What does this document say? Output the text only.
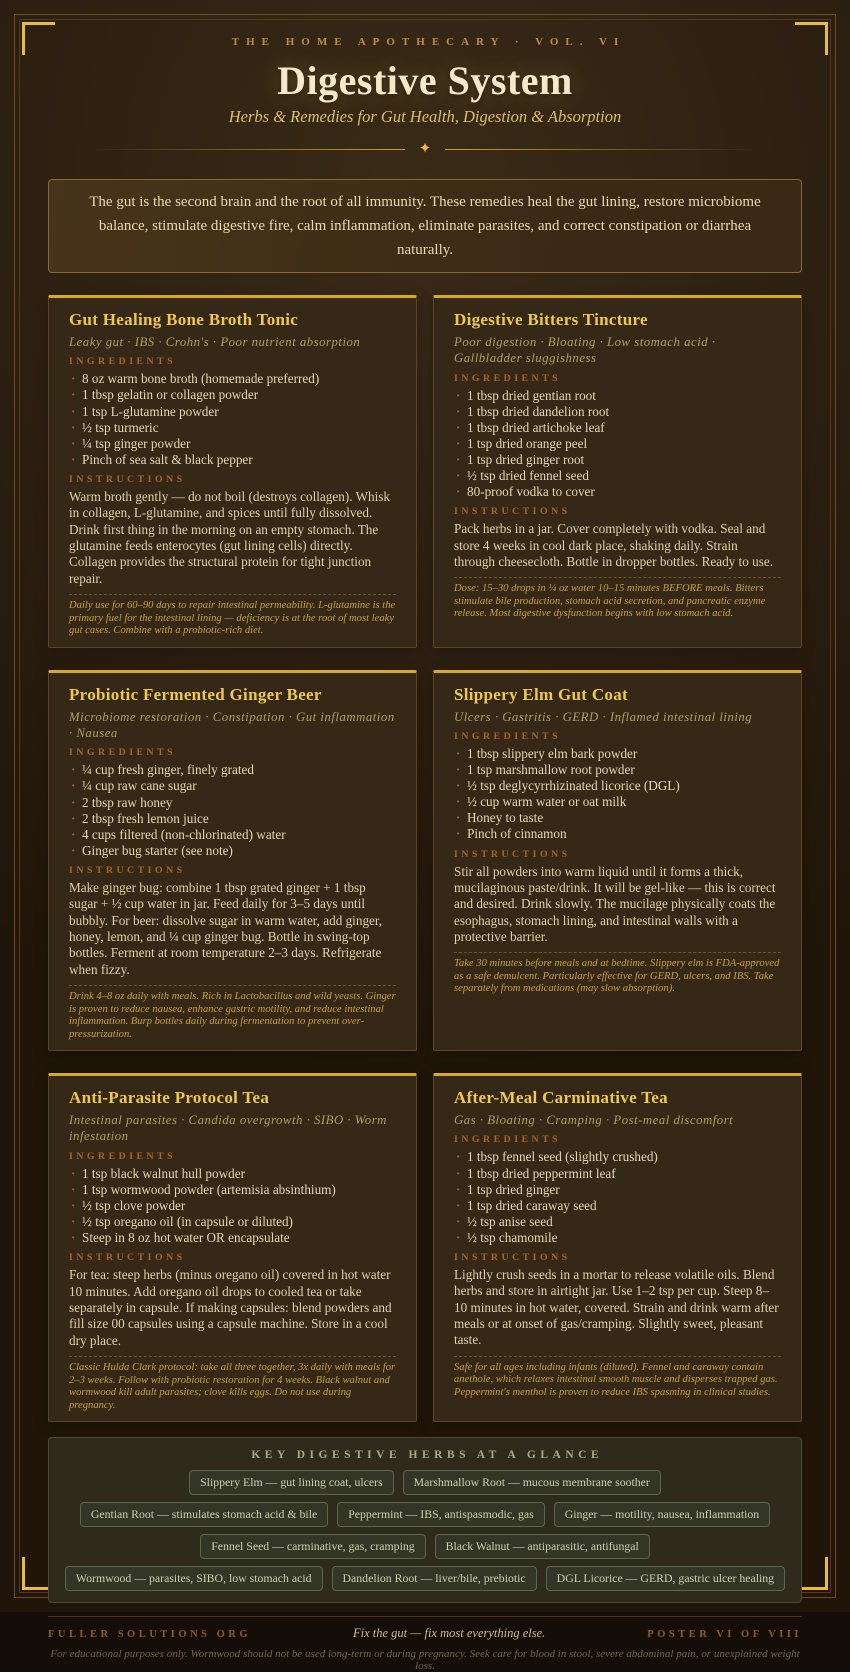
THE HOME APOTHECARY · VOL. VI
Digestive System
Herbs & Remedies for Gut Health, Digestion & Absorption
✦
The gut is the second brain and the root of all immunity. These remedies heal the gut lining, restore microbiome balance, stimulate digestive fire, calm inflammation, eliminate parasites, and correct constipation or diarrhea naturally.
Gut Healing Bone Broth Tonic

Leaky gut · IBS · Crohn's · Poor nutrient absorption

INGREDIENTS
· 8 oz warm bone broth (homemade preferred)
· 1 tbsp gelatin or collagen powder
· 1 tsp L-glutamine powder
· ½ tsp turmeric
· ¼ tsp ginger powder
· Pinch of sea salt & black pepper
INSTRUCTIONS

Warm broth gently — do not boil (destroys collagen). Whisk in collagen, L-glutamine, and spices until fully dissolved. Drink first thing in the morning on an empty stomach. The glutamine feeds enterocytes (gut lining cells) directly. Collagen provides the structural protein for tight junction repair.

Daily use for 60–90 days to repair intestinal permeability. L-glutamine is the primary fuel for the intestinal lining — deficiency is at the root of most leaky gut cases. Combine with a probiotic-rich diet.

Digestive Bitters Tincture

Poor digestion · Bloating · Low stomach acid · Gallbladder sluggishness

INGREDIENTS
· 1 tbsp dried gentian root
· 1 tbsp dried dandelion root
· 1 tbsp dried artichoke leaf
· 1 tsp dried orange peel
· 1 tsp dried ginger root
· ½ tsp dried fennel seed
· 80-proof vodka to cover
INSTRUCTIONS

Pack herbs in a jar. Cover completely with vodka. Seal and store 4 weeks in cool dark place, shaking daily. Strain through cheesecloth. Bottle in dropper bottles. Ready to use.

Dose: 15–30 drops in ¼ oz water 10–15 minutes BEFORE meals. Bitters stimulate bile production, stomach acid secretion, and pancreatic enzyme release. Most digestive dysfunction begins with low stomach acid.

Probiotic Fermented Ginger Beer

Microbiome restoration · Constipation · Gut inflammation · Nausea

INGREDIENTS
· ¼ cup fresh ginger, finely grated
· ¼ cup raw cane sugar
· 2 tbsp raw honey
· 2 tbsp fresh lemon juice
· 4 cups filtered (non-chlorinated) water
· Ginger bug starter (see note)
INSTRUCTIONS

Make ginger bug: combine 1 tbsp grated ginger + 1 tbsp sugar + ½ cup water in jar. Feed daily for 3–5 days until bubbly. For beer: dissolve sugar in warm water, add ginger, honey, lemon, and ¼ cup ginger bug. Bottle in swing-top bottles. Ferment at room temperature 2–3 days. Refrigerate when fizzy.

Drink 4–8 oz daily with meals. Rich in Lactobacillus and wild yeasts. Ginger is proven to reduce nausea, enhance gastric motility, and reduce intestinal inflammation. Burp bottles daily during fermentation to prevent over-pressurization.

Slippery Elm Gut Coat

Ulcers · Gastritis · GERD · Inflamed intestinal lining

INGREDIENTS
· 1 tbsp slippery elm bark powder
· 1 tsp marshmallow root powder
· ½ tsp deglycyrrhizinated licorice (DGL)
· ½ cup warm water or oat milk
· Honey to taste
· Pinch of cinnamon
INSTRUCTIONS

Stir all powders into warm liquid until it forms a thick, mucilaginous paste/drink. It will be gel-like — this is correct and desired. Drink slowly. The mucilage physically coats the esophagus, stomach lining, and intestinal walls with a protective barrier.

Take 30 minutes before meals and at bedtime. Slippery elm is FDA-approved as a safe demulcent. Particularly effective for GERD, ulcers, and IBS. Take separately from medications (may slow absorption).

Anti-Parasite Protocol Tea

Intestinal parasites · Candida overgrowth · SIBO · Worm infestation

INGREDIENTS
· 1 tsp black walnut hull powder
· 1 tsp wormwood powder (artemisia absinthium)
· ½ tsp clove powder
· ½ tsp oregano oil (in capsule or diluted)
· Steep in 8 oz hot water OR encapsulate
INSTRUCTIONS

For tea: steep herbs (minus oregano oil) covered in hot water 10 minutes. Add oregano oil drops to cooled tea or take separately in capsule. If making capsules: blend powders and fill size 00 capsules using a capsule machine. Store in a cool dry place.

Classic Hulda Clark protocol: take all three together, 3x daily with meals for 2–3 weeks. Follow with probiotic restoration for 4 weeks. Black walnut and wormwood kill adult parasites; clove kills eggs. Do not use during pregnancy.

After-Meal Carminative Tea

Gas · Bloating · Cramping · Post-meal discomfort

INGREDIENTS
· 1 tbsp fennel seed (slightly crushed)
· 1 tbsp dried peppermint leaf
· 1 tsp dried ginger
· 1 tsp dried caraway seed
· ½ tsp anise seed
· ½ tsp chamomile
INSTRUCTIONS

Lightly crush seeds in a mortar to release volatile oils. Blend herbs and store in airtight jar. Use 1–2 tsp per cup. Steep 8–10 minutes in hot water, covered. Strain and drink warm after meals or at onset of gas/cramping. Slightly sweet, pleasant taste.

Safe for all ages including infants (diluted). Fennel and caraway contain anethole, which relaxes intestinal smooth muscle and disperses trapped gas. Peppermint's menthol is proven to reduce IBS spasming in clinical studies.

KEY DIGESTIVE HERBS AT A GLANCE
Slippery Elm — gut lining coat, ulcers	Marshmallow Root — mucous membrane soother
Gentian Root — stimulates stomach acid & bile	Peppermint — IBS, antispasmodic, gas	Ginger — motility, nausea, inflammation
Fennel Seed — carminative, gas, cramping	Black Walnut — antiparasitic, antifungal
Wormwood — parasites, SIBO, low stomach acid	Dandelion Root — liver/bile, prebiotic	DGL Licorice — GERD, gastric ulcer healing
FULLER SOLUTIONS ORG	Fix the gut — fix most everything else.	POSTER VI OF VIII
For educational purposes only. Wormwood should not be used long-term or during pregnancy. Seek care for blood in stool, severe abdominal pain, or unexplained weight loss.
